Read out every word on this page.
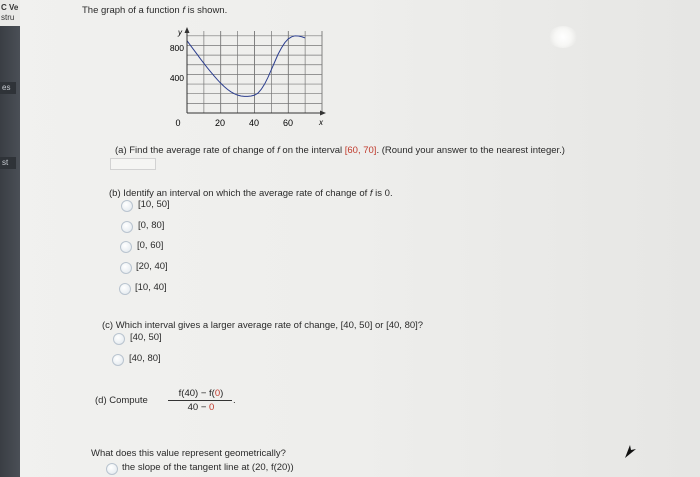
C Ve
stru
es
st
The graph of a function f is shown.
y
x
800
400
0	20	40	60
(a) Find the average rate of change of f on the interval [60, 70]. (Round your answer to the nearest integer.)
(b) Identify an interval on which the average rate of change of f is 0.
[10, 50]
[0, 80]
[0, 60]
[20, 40]
[10, 40]
(c) Which interval gives a larger average rate of change, [40, 50] or [40, 80]?
[40, 50]
[40, 80]
(d) Compute
f(40) − f(0)
40 − 0
.
What does this value represent geometrically?
the slope of the tangent line at (20, f(20))
